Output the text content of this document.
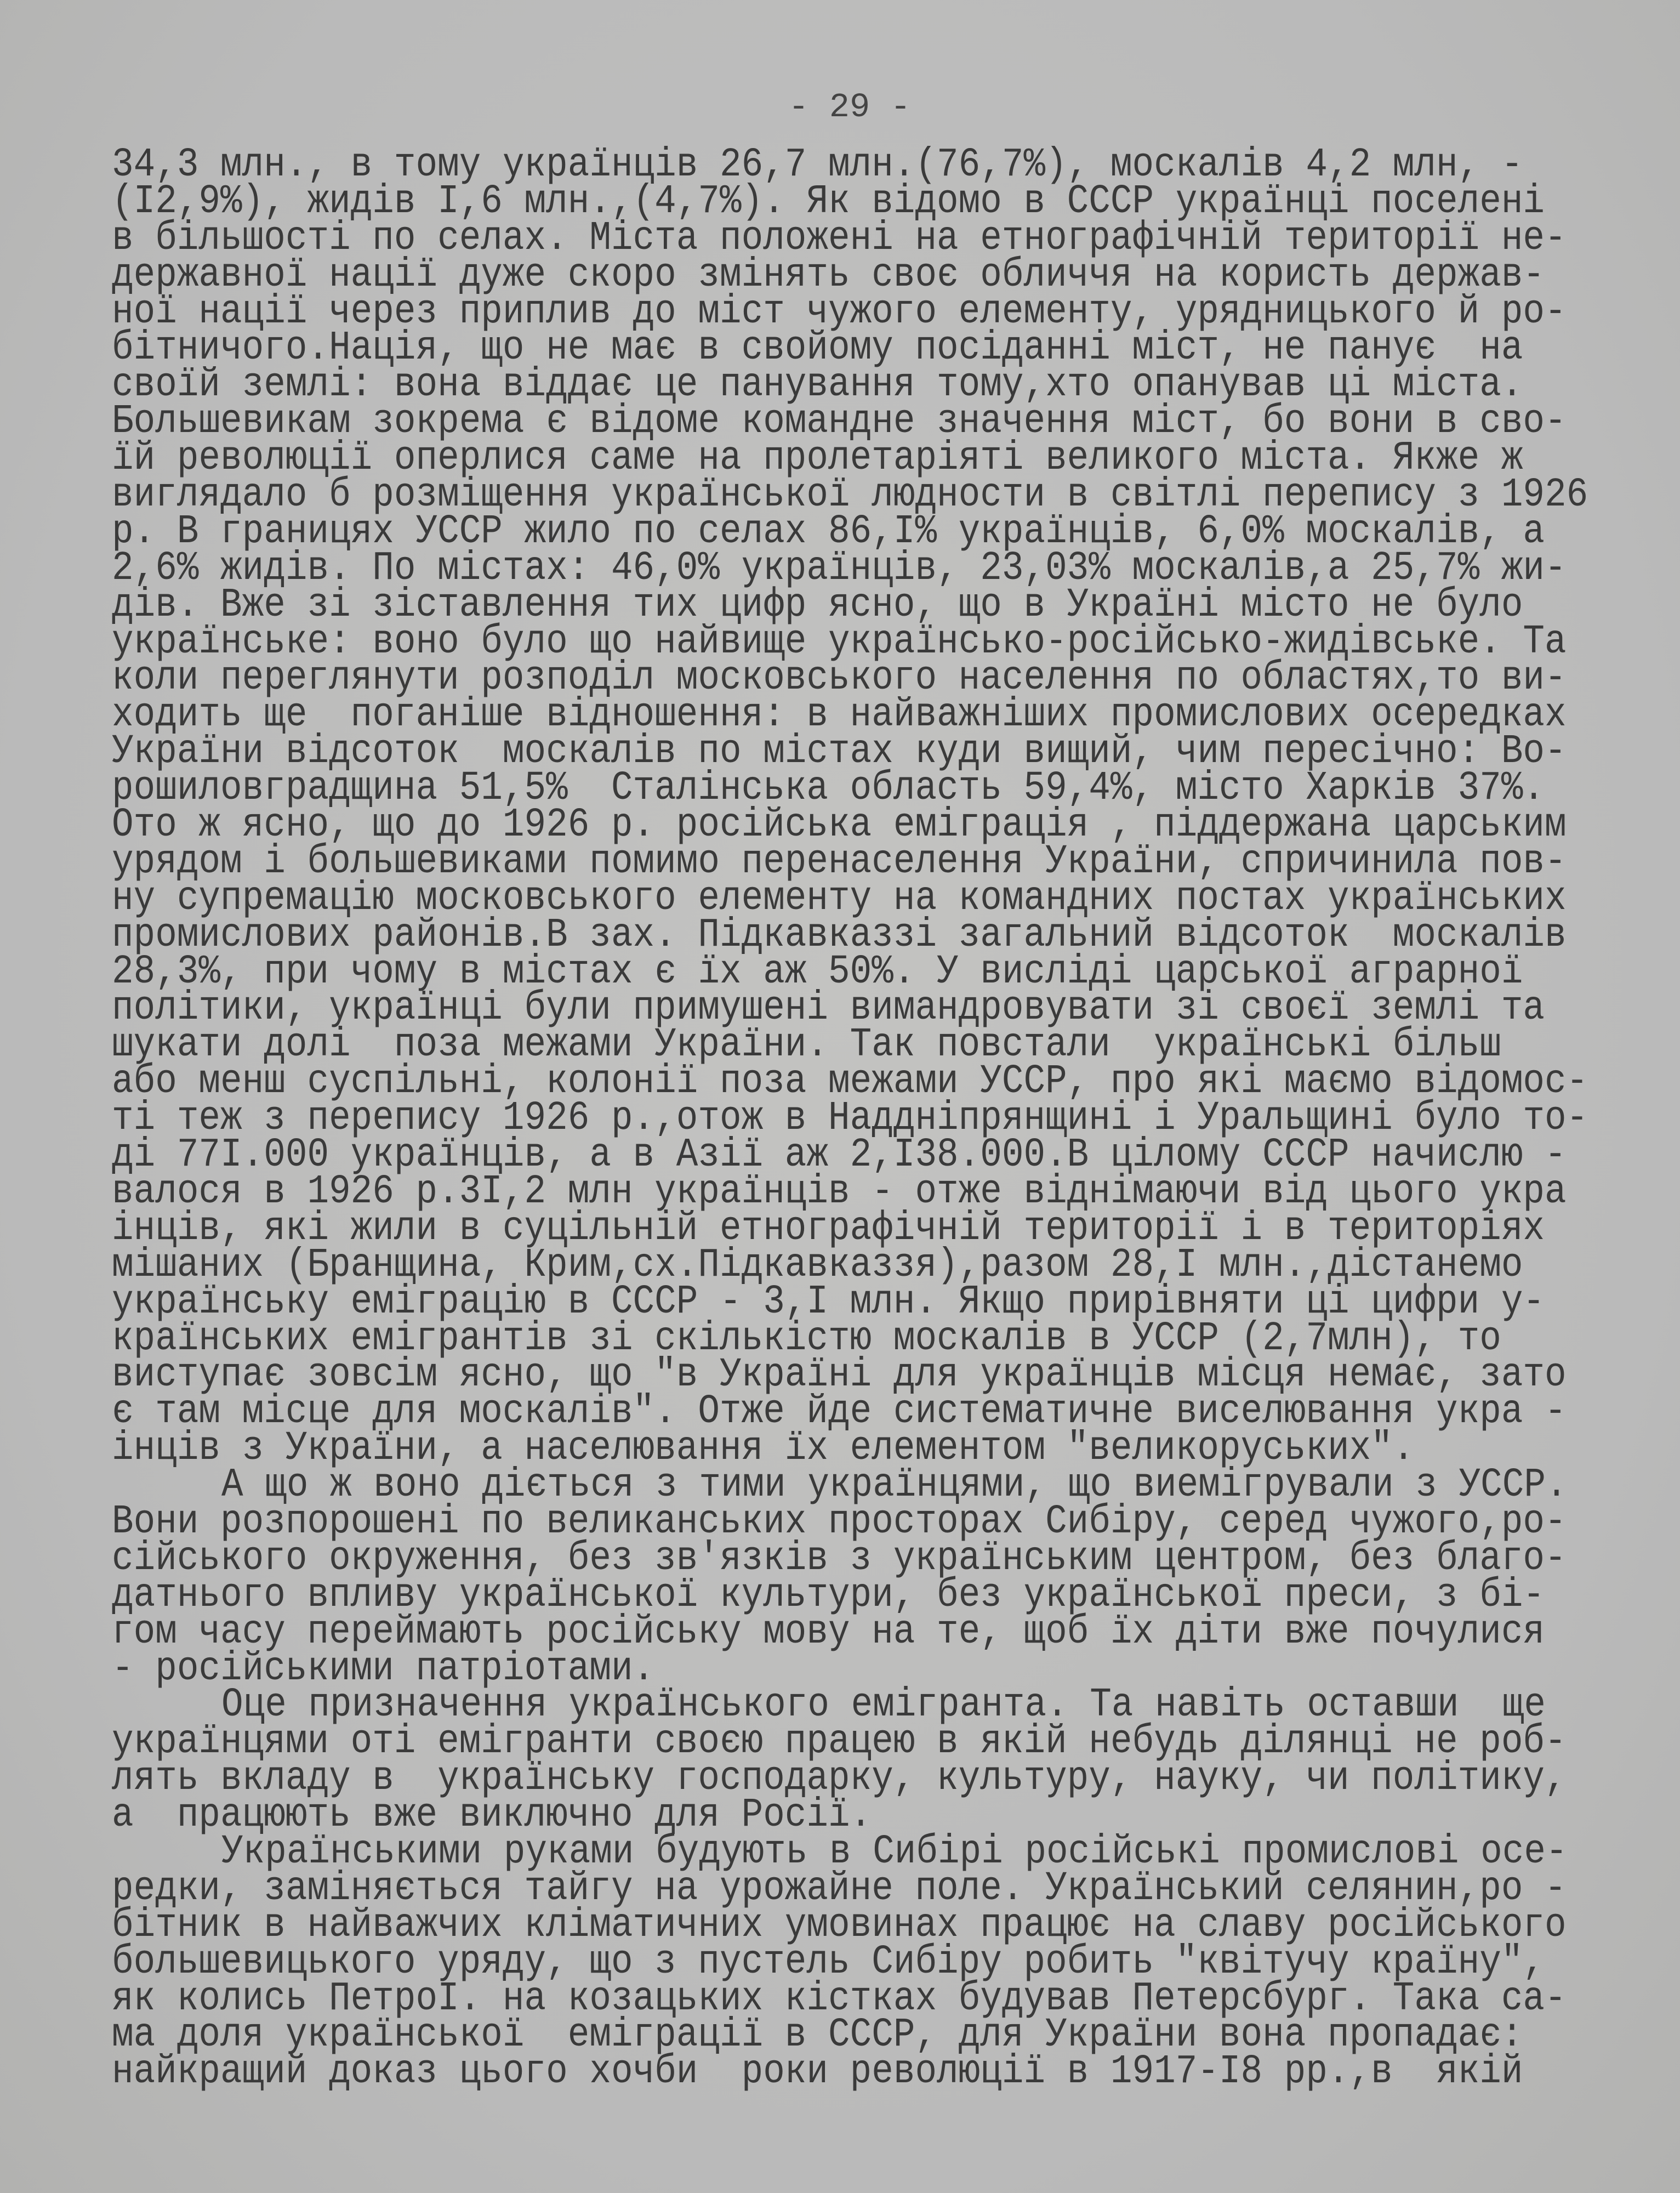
- 29 -
34,3 млн., в тому українців 26,7 млн.(76,7%), москалів 4,2 млн, -
(I2,9%), жидів I,6 млн.,(4,7%). Як відомо в СССР українці поселені
в більшості по селах. Міста положені на етнографічній території не-
державної нації дуже скоро змінять своє обличчя на користь держав-
ної нації через приплив до міст чужого елементу, урядницького й ро-
бітничого.Нація, що не має в свойому посіданні міст, не панує  на
своїй землі: вона віддає це панування тому,хто опанував ці міста.
Большевикам зокрема є відоме командне значення міст, бо вони в сво-
їй революції оперлися саме на пролетаріяті великого міста. Якже ж
виглядало б розміщення української людности в світлі перепису з 1926
р. В границях УССР жило по селах 86,I% українців, 6,0% москалів, а
2,6% жидів. По містах: 46,0% українців, 23,03% москалів,а 25,7% жи-
дів. Вже зі зіставлення тих цифр ясно, що в Україні місто не було
українське: воно було що найвище українсько-російсько-жидівське. Та
коли переглянути розподіл московського населення по областях,то ви-
ходить ще  поганіше відношення: в найважніших промислових осередках
України відсоток  москалів по містах куди вищий, чим пересічно: Во-
рошиловградщина 51,5%  Сталінська область 59,4%, місто Харків 37%.
Ото ж ясно, що до 1926 р. російська еміграція , піддержана царським
урядом і большевиками помимо перенаселення України, спричинила пов-
ну супремацію московського елементу на командних постах українських
промислових районів.В зах. Підкавказзі загальний відсоток  москалів
28,3%, при чому в містах є їх аж 50%. У висліді царської аграрної
політики, українці були примушені вимандровувати зі своєї землі та
шукати долі  поза межами України. Так повстали  українські більш
або менш суспільні, колонії поза межами УССР, про які маємо відомос-
ті теж з перепису 1926 р.,отож в Наддніпрянщині і Уральщині було то-
ді 77I.000 українців, а в Азії аж 2,I38.000.В цілому СССР начислю -
валося в 1926 р.3I,2 млн українців - отже віднімаючи від цього укра
інців, які жили в суцільній етнографічній території і в територіях
мішаних (Бранщина, Крим,сх.Підкавказзя),разом 28,I млн.,дістанемо
українську еміграцію в СССР - 3,I млн. Якщо прирівняти ці цифри у-
країнських емігрантів зі скількістю москалів в УССР (2,7млн), то
виступає зовсім ясно, що "в Україні для українців місця немає, зато
є там місце для москалів". Отже йде систематичне виселювання укра -
інців з України, а населювання їх елементом "великоруських".
А що ж воно діється з тими українцями, що виемігрували з УССР.
Вони розпорошені по великанських просторах Сибіру, серед чужого,ро-
сійського окруження, без зв'язків з українським центром, без благо-
датнього впливу української культури, без української преси, з бі-
гом часу переймають російську мову на те, щоб їх діти вже почулися
- російськими патріотами.
Оце призначення українського емігранта. Та навіть оставши  ще
українцями оті емігранти своєю працею в якій небудь ділянці не роб-
лять вкладу в  українську господарку, культуру, науку, чи політику,
а  працюють вже виключно для Росії.
Українськими руками будують в Сибірі російські промислові осе-
редки, заміняється тайгу на урожайне поле. Український селянин,ро -
бітник в найважчих кліматичних умовинах працює на славу російського
большевицького уряду, що з пустель Сибіру робить "квітучу країну",
як колись ПетроI. на козацьких кістках будував Петерсбург. Така са-
ма доля української  еміграції в СССР, для України вона пропадає:
найкращий доказ цього хочби  роки революції в 1917-I8 рр.,в  якій
